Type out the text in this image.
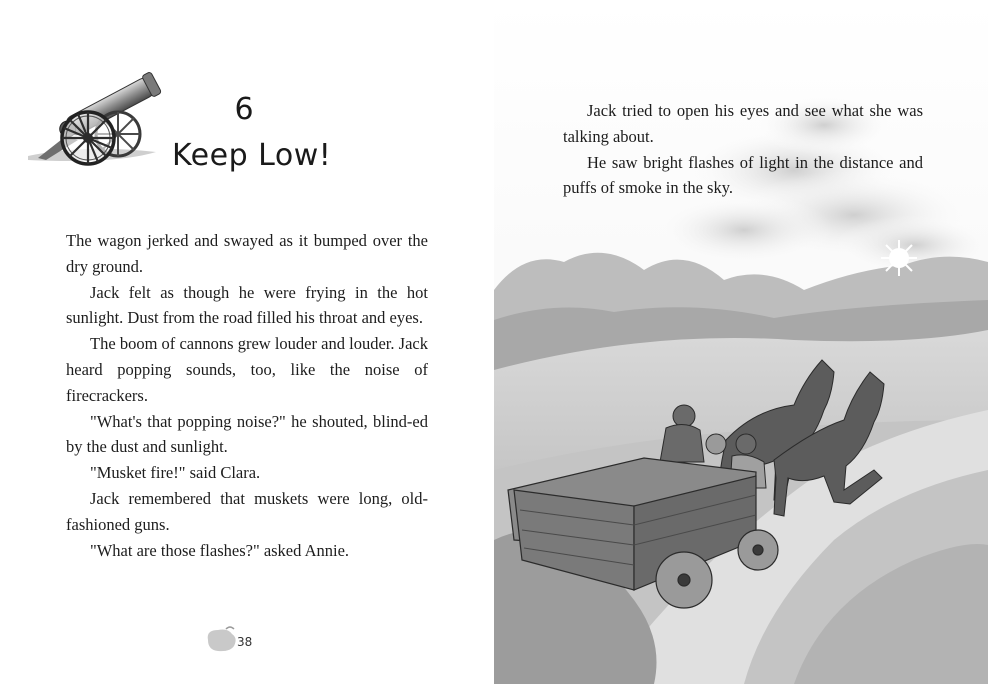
6
Keep Low!

The wagon jerked and swayed as it bumped over the dry ground.

Jack felt as though he were frying in the hot sunlight. Dust from the road filled his throat and eyes.

The boom of cannons grew louder and louder. Jack heard popping sounds, too, like the noise of firecrackers.

"What's that popping noise?" he shouted, blind-ed by the dust and sunlight.

"Musket fire!" said Clara.

Jack remembered that muskets were long, old-fashioned guns.

"What are those flashes?" asked Annie.

38

Jack tried to open his eyes and see what she was talking about.

He saw bright flashes of light in the distance and puffs of smoke in the sky.
